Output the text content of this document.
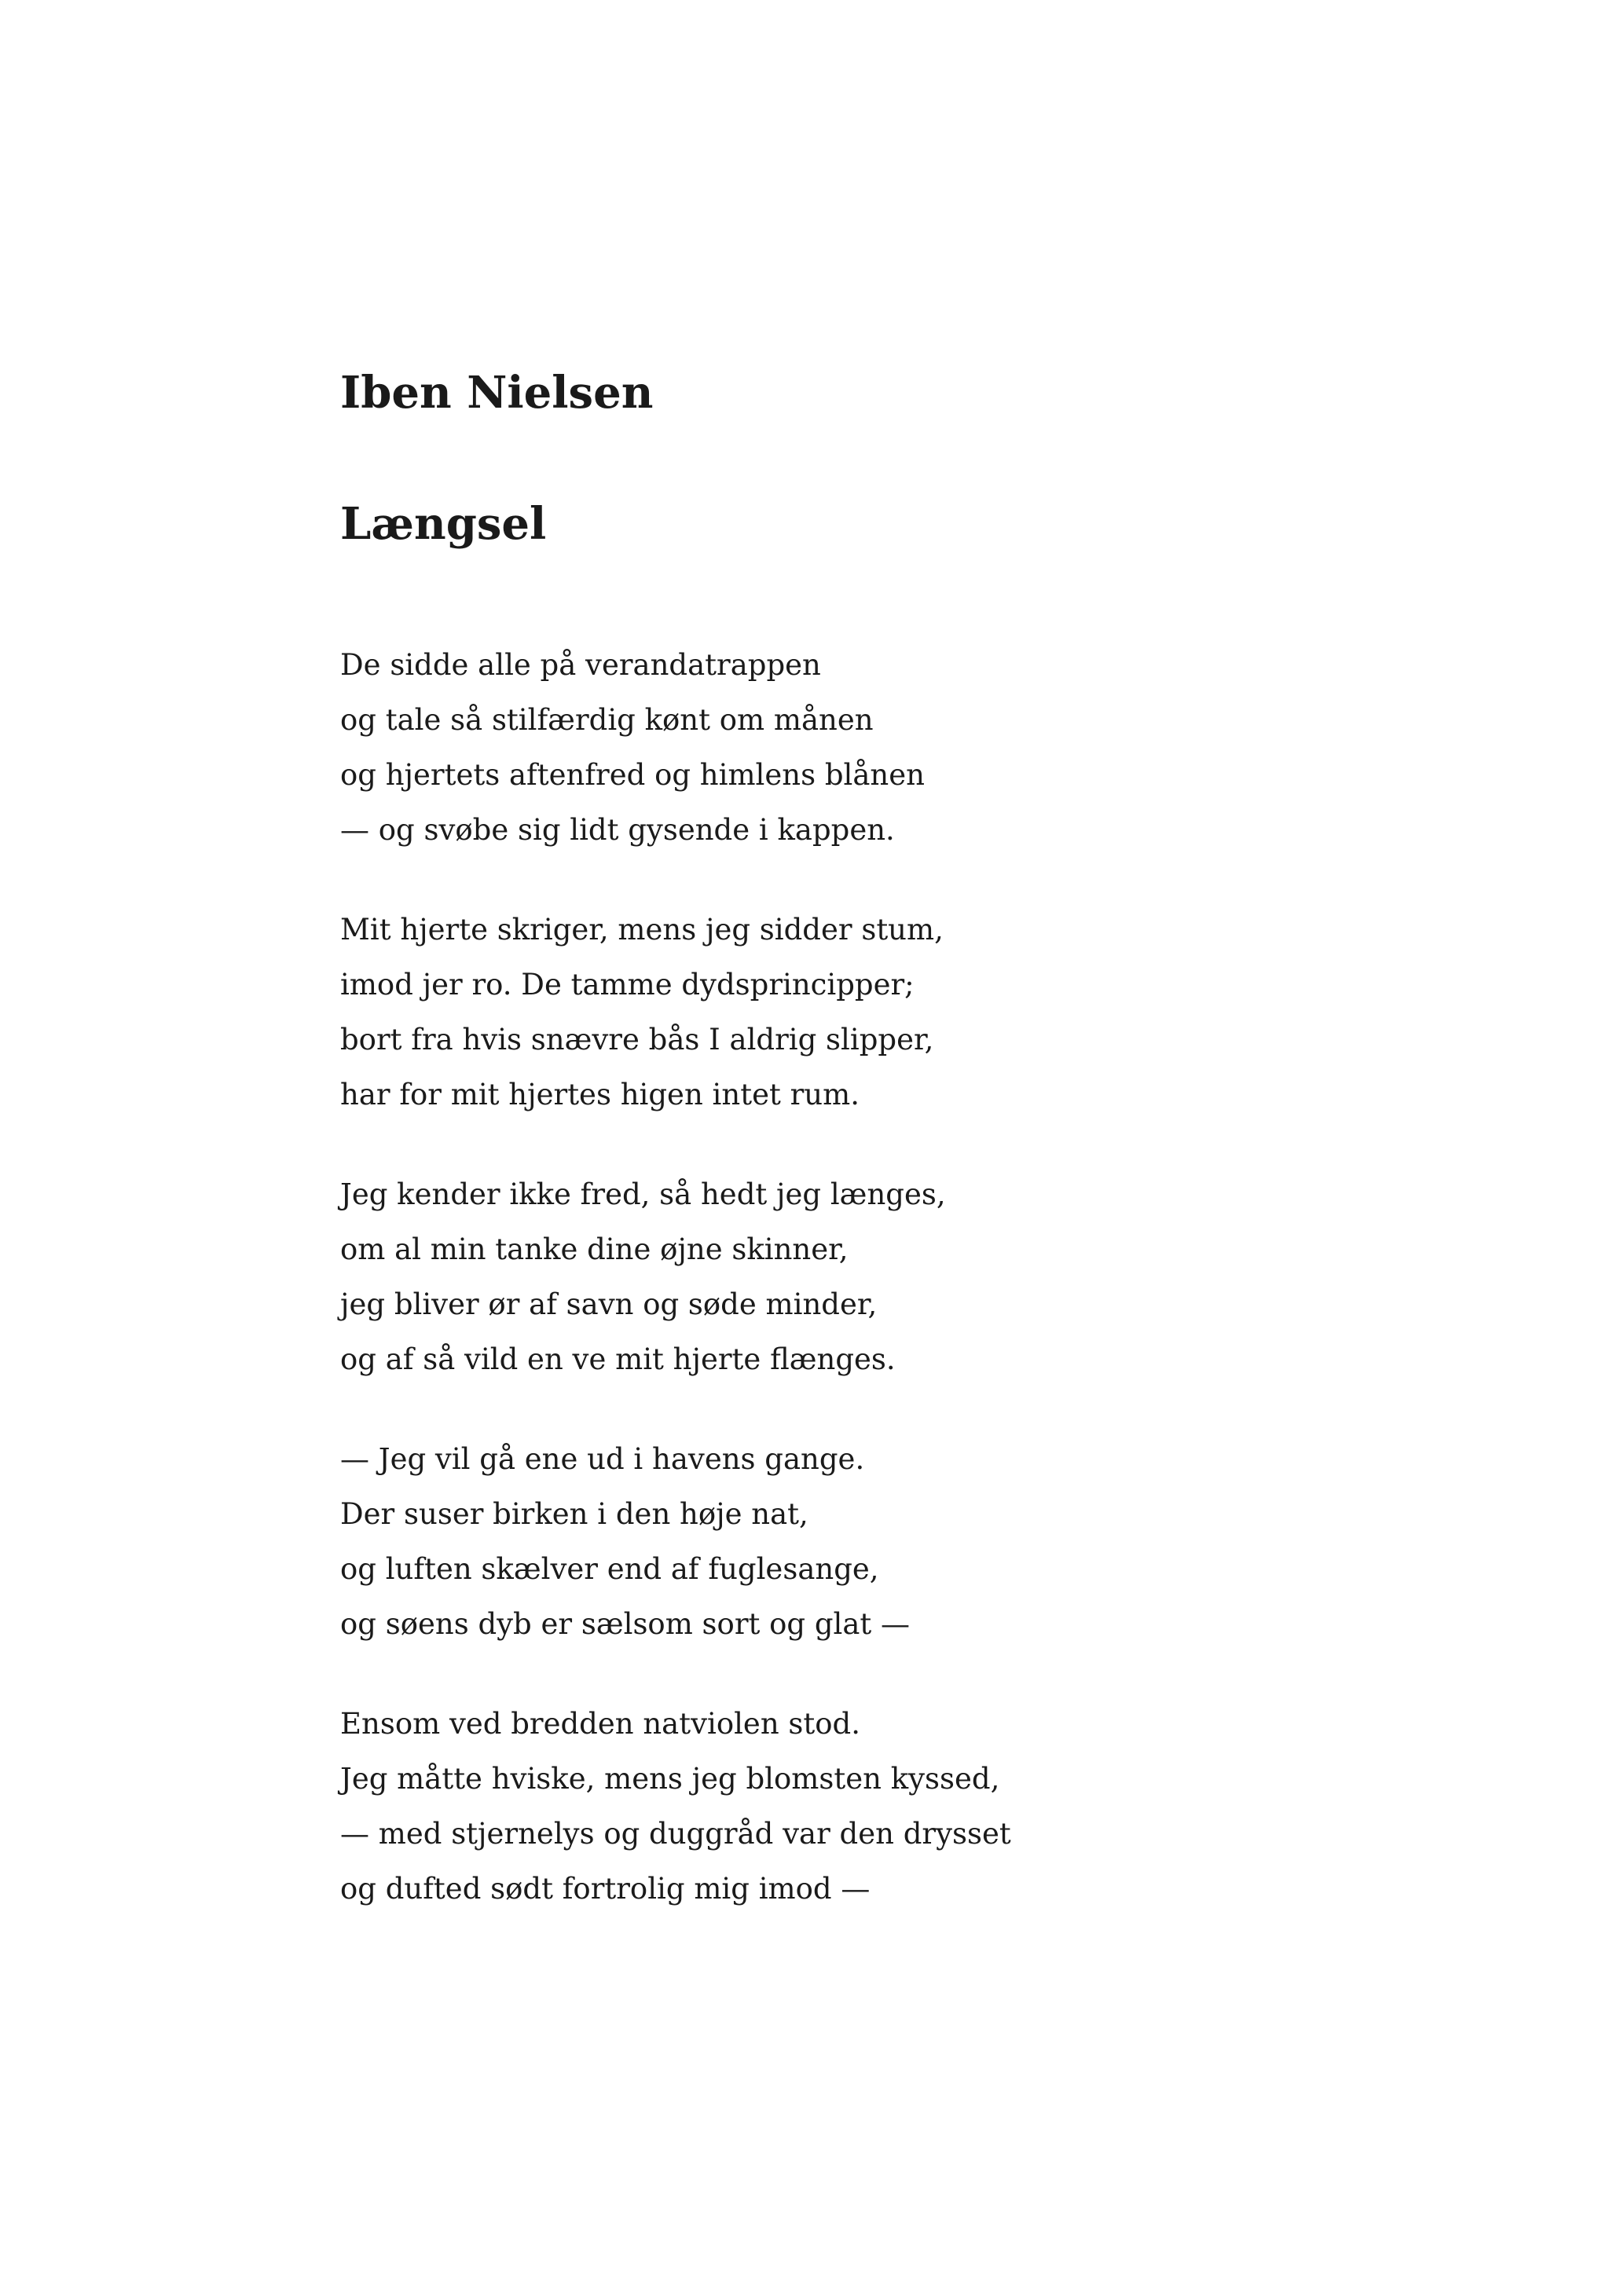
Iben Nielsen
Længsel
De sidde alle på verandatrappen
og tale så stilfærdig kønt om månen
og hjertets aftenfred og himlens blånen
— og svøbe sig lidt gysende i kappen.
Mit hjerte skriger, mens jeg sidder stum,
imod jer ro. De tamme dydsprincipper;
bort fra hvis snævre bås I aldrig slipper,
har for mit hjertes higen intet rum.
Jeg kender ikke fred, så hedt jeg længes,
om al min tanke dine øjne skinner,
jeg bliver ør af savn og søde minder,
og af så vild en ve mit hjerte flænges.
— Jeg vil gå ene ud i havens gange.
Der suser birken i den høje nat,
og luften skælver end af fuglesange,
og søens dyb er sælsom sort og glat —
Ensom ved bredden natviolen stod.
Jeg måtte hviske, mens jeg blomsten kyssed,
— med stjernelys og duggråd var den drysset
og dufted sødt fortrolig mig imod —
